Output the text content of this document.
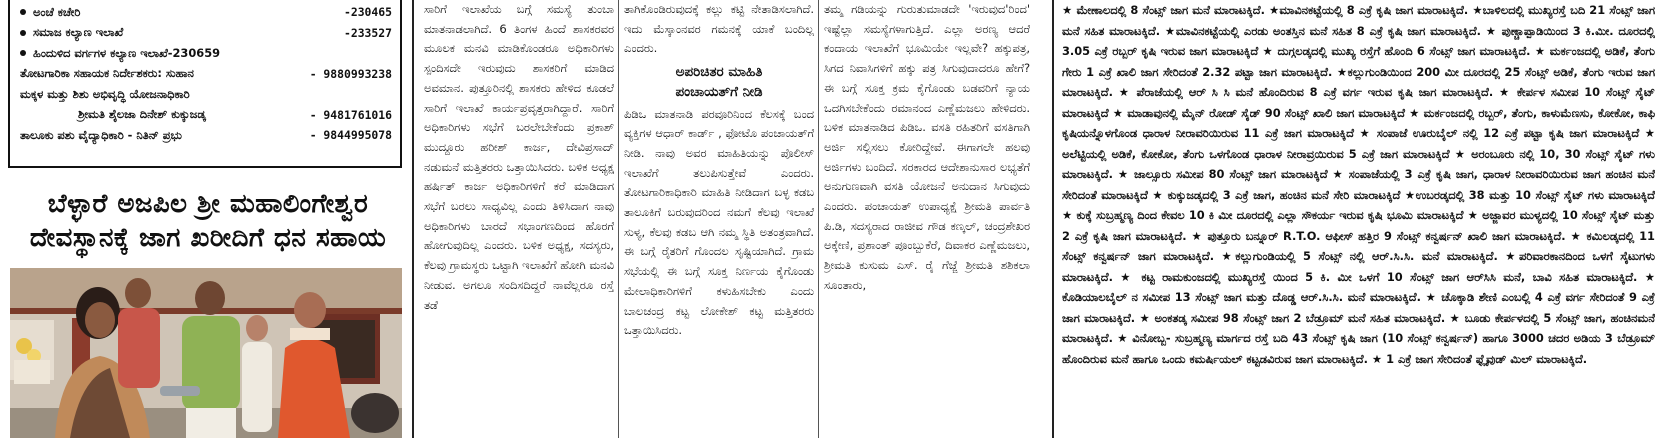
ಅಂಚೆ ಕಚೇರಿ	-230465
ಸಮಾಜ ಕಲ್ಯಾಣ ಇಲಾಖೆ	-233527
ಹಿಂದುಳಿದ ವರ್ಗಗಳ ಕಲ್ಯಾಣ ಇಲಾಖೆ-230659
ತೋಟಗಾರಿಕಾ ಸಹಾಯಕ ನಿರ್ದೇಶಕರು: ಸುಹಾನ	- 9880993238
ಮಕ್ಕಳ ಮತ್ತು ಶಿಶು ಅಭಿವೃದ್ಧಿ ಯೋಜನಾಧಿಕಾರಿ
ಶ್ರೀಮತಿ ಶೈಲಜಾ ದಿನೇಶ್ ಕುಕ್ಕುಜಡ್ಕ	- 9481761016
ತಾಲೂಕು ಪಶು ವೈದ್ಯಾಧಿಕಾರಿ - ನಿತಿನ್ ಪ್ರಭು	- 9844995078
ಬೆಳ್ಳಾರೆ ಅಜಪಿಲ ಶ್ರೀ ಮಹಾಲಿಂಗೇಶ್ವರ
ದೇವಸ್ಥಾನಕ್ಕೆ ಜಾಗ ಖರೀದಿಗೆ ಧನ ಸಹಾಯ

ಸಾರಿಗೆ ಇಲಾಖೆಯ ಬಗ್ಗೆ ಸಮಸ್ಯೆ ತುಂಬಾ ಮಾತನಾಡಲಾಗಿದೆ. 6 ತಿಂಗಳ ಹಿಂದೆ ಶಾಸಕರವರ ಮೂಲಕ ಮನವಿ ಮಾಡಿಕೊಂಡರೂ ಅಧಿಕಾರಿಗಳು ಸ್ಪಂದಿಸದೇ ಇರುವುದು ಶಾಸಕರಿಗೆ ಮಾಡಿದ ಅವಮಾನ. ಪುತ್ತೂರಿನಲ್ಲಿ ಶಾಸಕರು ಹೇಳಿದ ಕೂಡಲೆ ಸಾರಿಗೆ ಇಲಾಖೆ ಕಾರ್ಯಪ್ರವೃತ್ತರಾಗಿದ್ದಾರೆ. ಸಾರಿಗೆ ಅಧಿಕಾರಿಗಳು ಸಭೆಗೆ ಬರಲೇಬೇಕೆಂದು ಪ್ರಕಾಶ್ ಮುದ್ದೂರು ಹರೀಶ್ ಕಾರ್ಜ, ದೇವಿಪ್ರಸಾದ್ ನಡುಮನೆ ಮತ್ತಿತರರು ಒತ್ತಾಯಿಸಿದರು. ಬಳಿಕ ಅಧ್ಯಕ್ಷ ಹರ್ಷಿತ್ ಕಾರ್ಜ ಅಧಿಕಾರಿಗಳಿಗೆ ಕರೆ ಮಾಡಿದಾಗ ಸಭೆಗೆ ಬರಲು ಸಾಧ್ಯವಿಲ್ಲ ಎಂದು ತಿಳಿಸಿದಾಗ ನಾವು ಅಧಿಕಾರಿಗಳು ಬಾರದೆ ಸಭಾಂಗಣದಿಂದ ಹೊರಗೆ ಹೋಗುವುದಿಲ್ಲ ಎಂದರು. ಬಳಿಕ ಅಧ್ಯಕ್ಷ, ಸದಸ್ಯರು, ಕೆಲವು ಗ್ರಾಮಸ್ಥರು ಒಟ್ಟಾಗಿ ಇಲಾಖೆಗೆ ಹೋಗಿ ಮನವಿ ನೀಡುವ. ಅಗಲೂ ಸಂದಿಸದಿದ್ದರೆ ನಾವೆಲ್ಲರೂ ರಸ್ತೆ ತಡೆ

ತಾಗಿಕೊಂಡಿರುವುದಕ್ಕೆ ಕಲ್ಲು ಕಟ್ಟಿ ನೇತಾಡಿಸಲಾಗಿದೆ. ಇದು ಮೆಸ್ಕಾಂನವರ ಗಮನಕ್ಕೆ ಯಾಕೆ ಬಂದಿಲ್ಲ ಎಂದರು.

ಅಪರಿಚಿತರ ಮಾಹಿತಿ
ಪಂಚಾಯತ್‌ಗೆ ನೀಡಿ

ಪಿಡಿಒ ಮಾತನಾಡಿ ಪರವೂರಿನಿಂದ ಕೆಲಸಕ್ಕೆ ಬಂದ ವ್ಯಕ್ತಿಗಳ ಆಧಾರ್ ಕಾರ್ಡ್ , ಫೋಟೊ ಪಂಚಾಯತ್‌ಗೆ ನೀಡಿ. ನಾವು ಅವರ ಮಾಹಿತಿಯನ್ನು ಪೊಲೀಸ್ ಇಲಾಖೆಗೆ ತಲುಪಿಸುತ್ತೇವೆ ಎಂದರು. ತೋಟಗಾರಿಕಾಧಿಕಾರಿ ಮಾಹಿತಿ ನೀಡಿದಾಗ ಬಳ್ಳ ಕಡಬ ತಾಲೂಕಿಗೆ ಬರುವುದರಿಂದ ನಮಗೆ ಕೆಲವು ಇಲಾಖೆ ಸುಳ್ಯ, ಕೆಲವು ಕಡಬ ಆಗಿ ನಮ್ಮ ಸ್ಥಿತಿ ಅತಂತ್ರವಾಗಿದೆ. ಈ ಬಗ್ಗೆ ರೈತರಿಗೆ ಗೊಂದಲ ಸೃಷ್ಟಿಯಾಗಿದೆ. ಗ್ರಾಮ ಸಭೆಯಲ್ಲಿ ಈ ಬಗ್ಗೆ ಸೂಕ್ತ ನಿರ್ಣಯ ಕೈಗೊಂಡು ಮೇಲಾಧಿಕಾರಿಗಳಿಗೆ ಕಳುಹಿಸಬೇಕು ಎಂದು ಬಾಲಚಂದ್ರ ಕಟ್ಟ ಲೋಕೇಶ್ ಕಟ್ಟ ಮತ್ತಿತರರು ಒತ್ತಾಯಿಸಿದರು.

ತಮ್ಮ ಗಡಿಯನ್ನು ಗುರುತುಮಾಡದೇ 'ಇರುವುದ'ರಿಂದ' ಇಷ್ಟೆಲ್ಲಾ ಸಮಸ್ಯೆಗಳಾಗುತ್ತಿದೆ. ಎಲ್ಲಾ ಅರಣ್ಯ ಆದರೆ ಕಂದಾಯ ಇಲಾಖೆಗೆ ಭೂಮಿಯೇ ಇಲ್ಲವೇ? ಹಕ್ಕುಪತ್ರ, ಸಿಗದ ನಿವಾಸಿಗಳಿಗೆ ಹಕ್ಕು ಪತ್ರ ಸಿಗುವುದಾದರೂ ಹೇಗೆ? ಈ ಬಗ್ಗೆ ಸೂಕ್ತ ಕ್ರಮ ಕೈಗೊಂಡು ಬಡವರಿಗೆ ನ್ಯಾಯ ಒದಗಿಸಬೇಕೆಂದು ರಮಾನಂದ ಎಣ್ಣೆಮಜಲು ಹೇಳಿದರು. ಬಳಿಕ ಮಾತನಾಡಿದ ಪಿಡಿಒ. ವಸತಿ ರಹಿತರಿಗೆ ವಸತಿಗಾಗಿ ಅರ್ಜಿ ಸಲ್ಲಿಸಲು ಕೋರಿದ್ದೇವೆ. ಈಗಾಗಲೇ ಹಲವು ಅರ್ಜಿಗಳು ಬಂದಿದೆ. ಸರಕಾರದ ಆದೇಶಾನುಸಾರ ಲಭ್ಯತೆಗೆ ಅನುಗುಣವಾಗಿ ವಸತಿ ಯೋಜನೆ ಅನುದಾನ ಸಿಗುವುದು ಎಂದರು. ಪಂಚಾಯತ್ ಉಪಾಧ್ಯಕ್ಷೆ ಶ್ರೀಮತಿ ಪಾರ್ವತಿ ಪಿ.ಡಿ, ಸದಸ್ಯರಾದ ರಾಜೀವ ಗೌಡ ಕಣ್ಕಲ್, ಚಂದ್ರಶೇಖರ ಅಕ್ಕೇಣಿ, ಪ್ರಶಾಂತ್ ಪೂಂಬ್ಬುಕೆರೆ, ದಿವಾಕರ ಎಣ್ಣೆಮಜಲು, ಶ್ರೀಮತಿ ಕುಸುಮ ಎಸ್. ರೈ ಗೆಜ್ಜೆ ಶ್ರೀಮತಿ ಶಶಿಕಲಾ ಸೂಂತಾರು,

★ ಮೇಣಾಲದಲ್ಲಿ 8 ಸೆಂಟ್ಸ್ ಜಾಗ ಮನೆ ಮಾರಾಟಕ್ಕಿದೆ. ★ಮಾವಿನಕಟ್ಟೆಯಲ್ಲಿ 8 ಎಕ್ರೆ ಕೃಷಿ ಜಾಗ ಮಾರಾಟಕ್ಕಿದೆ. ★ಬಾಳಿಲದಲ್ಲಿ ಮುಖ್ಯರಸ್ತೆ ಬದಿ 21 ಸೆಂಟ್ಸ್ ಜಾಗ ಮನೆ ಸಹಿತ ಮಾರಾಟಕ್ಕಿದೆ. ★ಮಾವಿನಕಟ್ಟೆಯಲ್ಲಿ ಎರಡು ಅಂತಸ್ತಿನ ಮನೆ ಸಹಿತ 8 ಎಕ್ರೆ ಕೃಷಿ ಜಾಗ ಮಾರಾಟಕ್ಕಿದೆ. ★ ಪುಣ್ಚಾಪ್ಪಾಡಿಯಿಂದ 3 ಕಿ.ಮೀ. ದೂರದಲ್ಲಿ 3.05 ಎಕ್ರೆ ರಬ್ಬರ್ ಕೃಷಿ ಇರುವ ಜಾಗ ಮಾರಾಟಕ್ಕಿದೆ ★ ದುಗ್ಗಲಡ್ಕದಲ್ಲಿ ಮುಖ್ಯ ರಸ್ತೆಗೆ ಹೊಂದಿ 6 ಸೆಂಟ್ಸ್ ಜಾಗ ಮಾರಾಟಕ್ಕಿದೆ. ★ ಮರ್ಕಂಜದಲ್ಲಿ ಅಡಿಕೆ, ತೆಂಗು ಗೇರು 1 ಎಕ್ರೆ ಖಾಲಿ ಜಾಗ ಸೇರಿದಂತೆ 2.32 ಪಟ್ಟಾ ಜಾಗ ಮಾರಾಟಕ್ಕಿದೆ. ★ಕಲ್ಲುಗುಂಡಿಯಿಂದ 200 ಮೀ ದೂರದಲ್ಲಿ 25 ಸೆಂಟ್ಸ್ ಅಡಿಕೆ, ತೆಂಗು ಇರುವ ಜಾಗ ಮಾರಾಟಕ್ಕಿದೆ. ★ ಪೆರಾಜೆಯಲ್ಲಿ ಆರ್ ಸಿ ಸಿ ಮನೆ ಹೊಂದಿರುವ 8 ಎಕ್ರೆ ವರ್ಗ ಇರುವ ಕೃಷಿ ಜಾಗ ಮಾರಾಟಕ್ಕಿದೆ. ★ ಕೇರ್ಪಳ ಸಮೀಪ 10 ಸೆಂಟ್ಸ್ ಸೈಟ್ ಮಾರಾಟಕ್ಕಿದೆ ★ ಮಾಡಾವುನಲ್ಲಿ ಮೈನ್ ರೋಡ್ ಸೈಡ್ 90 ಸೆಂಟ್ಸ್ ಖಾಲಿ ಜಾಗ ಮಾರಾಟಕ್ಕಿದೆ ★ ಮರ್ಕಂಜದಲ್ಲಿ ರಬ್ಬರ್, ತೆಂಗು, ಕಾಳುಮೆಣಸು, ಕೋಕೋ, ಕಾಫಿ ಕೃಷಿಯನ್ನೊಳಗೊಂಡ ಧಾರಾಳ ನೀರಾವರಿಯಿರುವ 11 ಎಕ್ರೆ ಜಾಗ ಮಾರಾಟಕ್ಕಿದೆ ★ ಸಂಪಾಜೆ ಊರುಬೈಲ್ ನಲ್ಲಿ 12 ಎಕ್ರೆ ಪಟ್ಟಾ ಕೃಷಿ ಜಾಗ ಮಾರಾಟಕ್ಕಿದೆ ★ ಅಲೆಟ್ಟಿಯಲ್ಲಿ ಅಡಿಕೆ, ಕೋಕೋ, ತೆಂಗು ಒಳಗೊಂಡ ಧಾರಾಳ ನೀರಾವ್ರಯಿರುವ 5 ಎಕ್ರೆ ಜಾಗ ಮಾರಾಟಕ್ಕಿದೆ ★ ಅರಂಬೂರು ನಲ್ಲಿ 10, 30 ಸೆಂಟ್ಸ್ ಸೈಟ್ ಗಳು ಮಾರಾಟಕ್ಕಿದೆ. ★ ಜಾಲ್ಸೂರು ಸಮೀಪ 80 ಸೆಂಟ್ಸ್ ಜಾಗ ಮಾರಾಟಕ್ಕಿದೆ ★ ಸಂಪಾಜೆಯಲ್ಲಿ 3 ಎಕ್ರೆ ಕೃಷಿ ಜಾಗ, ಧಾರಾಳ ನೀರಾವರಿಯಿರುವ ಜಾಗ ಹಂಚಿನ ಮನೆ ಸೇರಿದಂತೆ ಮಾರಾಟಕ್ಕಿದೆ ★ ಕುಕ್ಕುಜಡ್ಕದಲ್ಲಿ 3 ಎಕ್ರೆ ಜಾಗ, ಹಂಚಿನ ಮನೆ ಸೇರಿ ಮಾರಾಟಕ್ಕಿದೆ ★ಉಬರಡ್ಕದಲ್ಲಿ 38 ಮತ್ತು 10 ಸೆಂಟ್ಸ್ ಸೈಟ್ ಗಳು ಮಾರಾಟಕ್ಕಿದೆ ★ ಕುಕ್ಕೆ ಸುಬ್ರಹ್ಮಣ್ಯ ದಿಂದ ಕೇವಲ 10 ಕಿ ಮೀ ದೂರದಲ್ಲಿ ಎಲ್ಲಾ ಸೌಕರ್ಯ ಇರುವ ಕೃಷಿ ಭೂಮಿ ಮಾರಾಟಕ್ಕಿದೆ ★ ಅಜ್ಜಾವರ ಮುಳ್ಯದಲ್ಲಿ 10 ಸೆಂಟ್ಸ್ ಸೈಟ್ ಮತ್ತು 2 ಎಕ್ರೆ ಕೃಷಿ ಜಾಗ ಮಾರಾಟಕ್ಕಿದೆ. ★ ಪುತ್ತೂರು ಬನ್ನೂರ್ R.T.O. ಆಫೀಸ್ ಹತ್ತಿರ 9 ಸೆಂಟ್ಸ್ ಕನ್ವರ್ಷನ್ ಖಾಲಿ ಜಾಗ ಮಾರಾಟಕ್ಕಿದೆ. ★ ಕಮಿಲಡ್ಕದಲ್ಲಿ 11 ಸೆಂಟ್ಸ್ ಕನ್ವರ್ಷನ್ ಜಾಗ ಮಾರಾಟಕ್ಕಿದೆ. ★ಕಲ್ಲುಗುಂಡಿಯಲ್ಲಿ 5 ಸೆಂಟ್ಸ್ ನಲ್ಲಿ ಆರ್.ಸಿ.ಸಿ. ಮನೆ ಮಾರಾಟಕ್ಕಿದೆ. ★ಪರಿವಾರಕಾನದಿಂದ ಒಳಗೆ ಸೈಟುಗಳು ಮಾರಾಟಕ್ಕಿದೆ. ★ ಕಟ್ಟ ರಾಮಕುಂಜದಲ್ಲಿ ಮುಖ್ಯರಸ್ತೆ ಯಿಂದ 5 ಕಿ. ಮೀ ಒಳಗೆ 10 ಸೆಂಟ್ಸ್ ಜಾಗ ಆರ್‌ಸಿಸಿ ಮನೆ, ಬಾವಿ ಸಹಿತ ಮಾರಾಟಕ್ಕಿದೆ. ★ ಕೊಡಿಯಾಲಬೈಲ್ ನ ಸಮೀಪ 13 ಸೆಂಟ್ಸ್ ಜಾಗ ಮತ್ತು ದೊಡ್ಡ ಆರ್.ಸಿ.ಸಿ. ಮನೆ ಮಾರಾಟಕ್ಕಿದೆ. ★ ಚೊಕ್ಕಾಡಿ ಶೇಣಿ ಎಂಬಲ್ಲಿ 4 ಎಕ್ರೆ ವರ್ಗ ಸೇರಿದಂತೆ 9 ಎಕ್ರೆ ಜಾಗ ಮಾರಾಟಕ್ಕಿದೆ. ★ ಅಂಕತಡ್ಕ ಸಮೀಪ 98 ಸೆಂಟ್ಸ್ ಜಾಗ 2 ಬೆಡ್ರೂಮ್ ಮನೆ ಸಹಿತ ಮಾರಾಟಕ್ಕಿದೆ. ★ ಬೂಡು ಕೇರ್ಪಳದಲ್ಲಿ 5 ಸೆಂಟ್ಸ್ ಜಾಗ, ಹಂಚಿನಮನೆ ಮಾರಾಟಕ್ಕಿದೆ. ★ ವಿನೋಬ್ಬ- ಸುಬ್ರಹ್ಮಣ್ಯ ಮಾರ್ಗದ ರಸ್ತೆ ಬದಿ 43 ಸೆಂಟ್ಸ್ ಕೃಷಿ ಜಾಗ (10 ಸೆಂಟ್ಸ್ ಕನ್ವರ್ಷನ್) ಹಾಗೂ 3000 ಚದರ ಅಡಿಯ 3 ಬೆಡ್ರೂಮ್ ಹೊಂದಿರುವ ಮನೆ ಹಾಗೂ ಒಂದು ಕಮರ್ಷಿಯಲ್ ಕಟ್ಟಡವಿರುವ ಜಾಗ ಮಾರಾಟಕ್ಕಿದೆ. ★ 1 ಎಕ್ರೆ ಜಾಗ ಸೇರಿದಂತೆ ಫ್ಲೈವುಡ್ ಮಿಲ್ ಮಾರಾಟಕ್ಕಿದೆ.
